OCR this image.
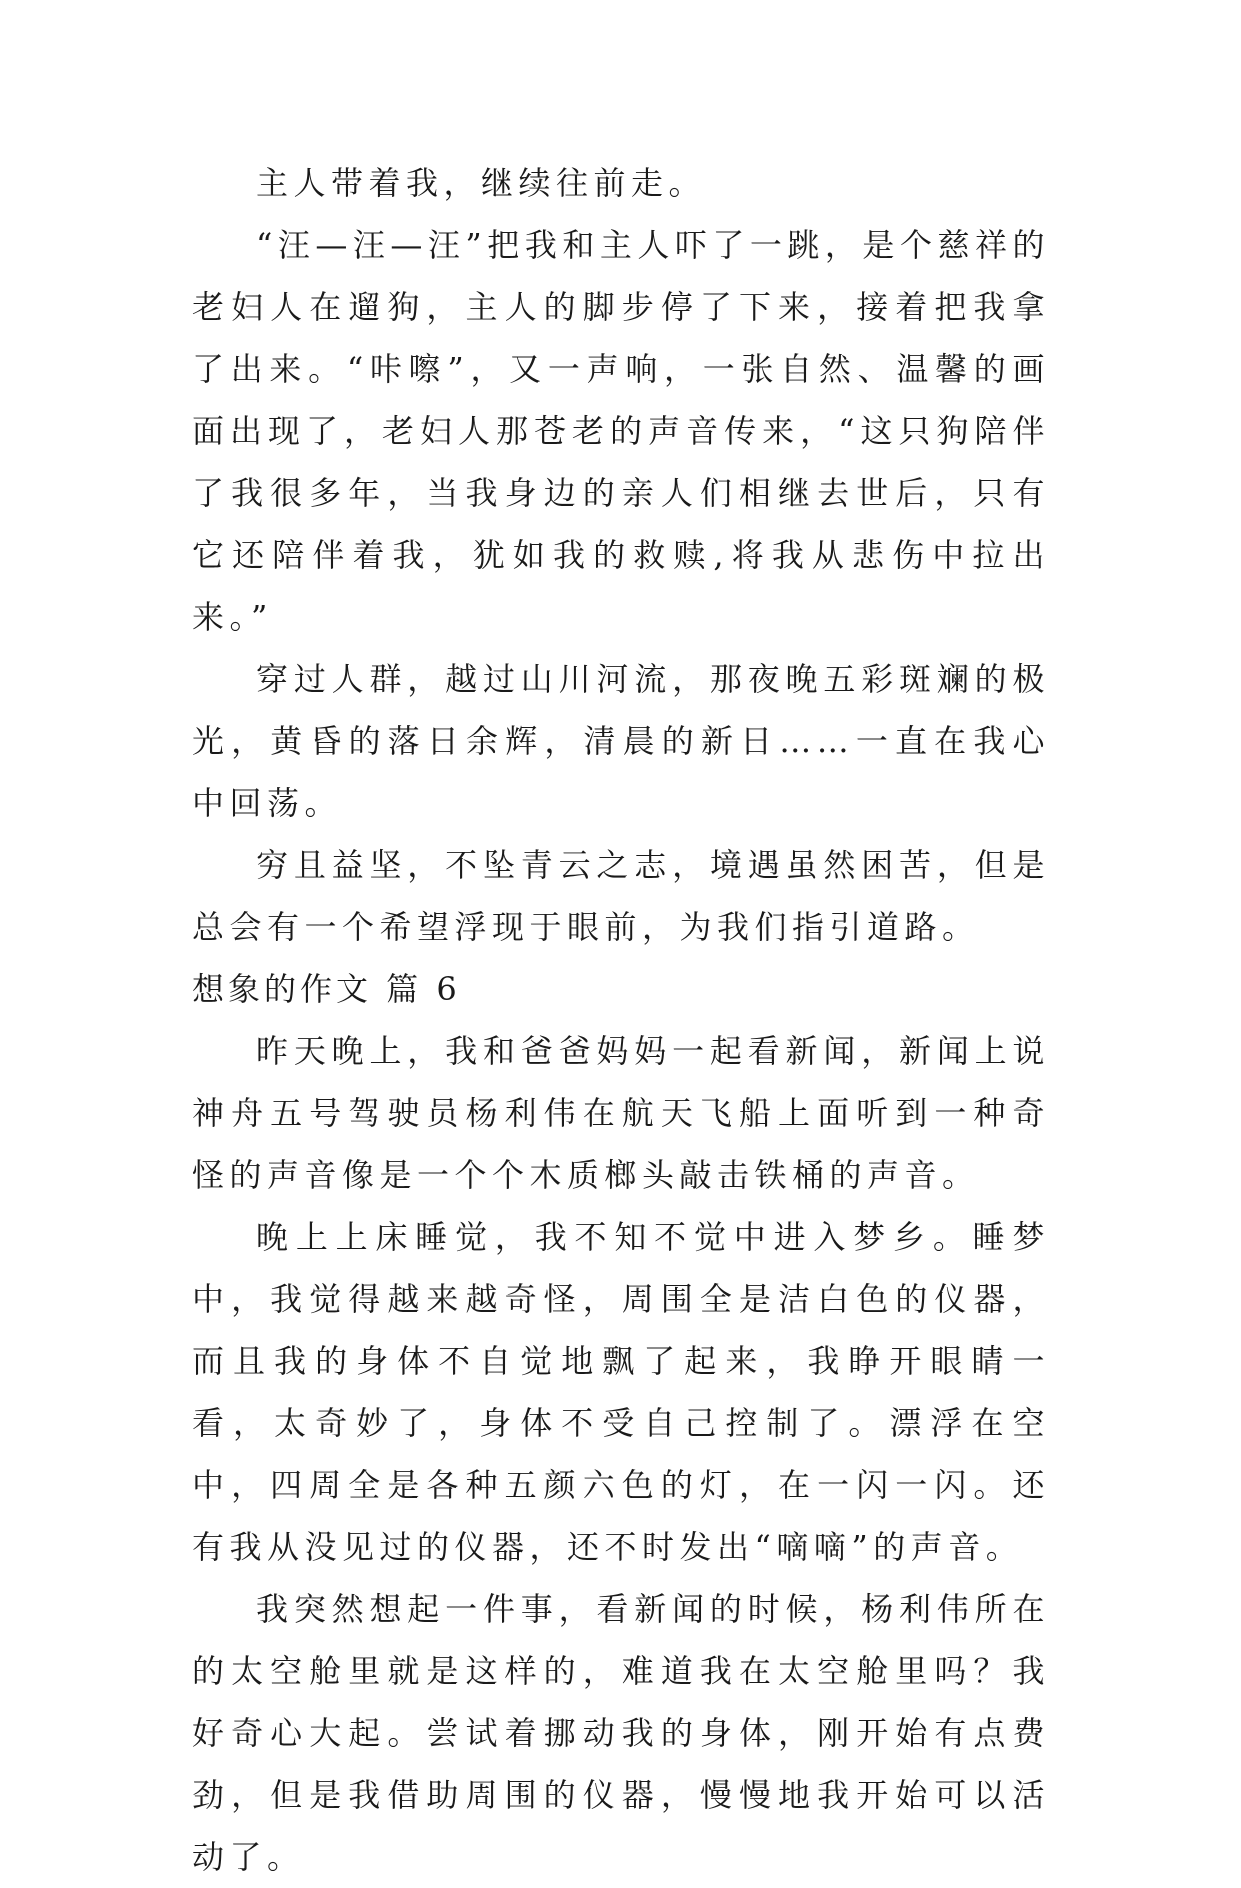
主人带着我，继续往前走。

“汪—汪—汪”把我和主人吓了一跳，是个慈祥的老妇人在遛狗，主人的脚步停了下来，接着把我拿了出来。“咔嚓”，又一声响，一张自然、温馨的画面出现了，老妇人那苍老的声音传来，“这只狗陪伴了我很多年，当我身边的亲人们相继去世后，只有它还陪伴着我，犹如我的救赎,将我从悲伤中拉出来。”

穿过人群，越过山川河流，那夜晚五彩斑斓的极光，黄昏的落日余辉，清晨的新日……一直在我心中回荡。

穷且益坚，不坠青云之志，境遇虽然困苦，但是总会有一个希望浮现于眼前，为我们指引道路。

想象的作文 篇 6

昨天晚上，我和爸爸妈妈一起看新闻，新闻上说神舟五号驾驶员杨利伟在航天飞船上面听到一种奇怪的声音像是一个个木质榔头敲击铁桶的声音。

晚上上床睡觉，我不知不觉中进入梦乡。睡梦中，我觉得越来越奇怪，周围全是洁白色的仪器，而且我的身体不自觉地飘了起来，我睁开眼睛一看，太奇妙了，身体不受自己控制了。漂浮在空中，四周全是各种五颜六色的灯，在一闪一闪。还有我从没见过的仪器，还不时发出“嘀嘀”的声音。

我突然想起一件事，看新闻的时候，杨利伟所在的太空舱里就是这样的，难道我在太空舱里吗？我好奇心大起。尝试着挪动我的身体，刚开始有点费劲，但是我借助周围的仪器，慢慢地我开始可以活动了。
